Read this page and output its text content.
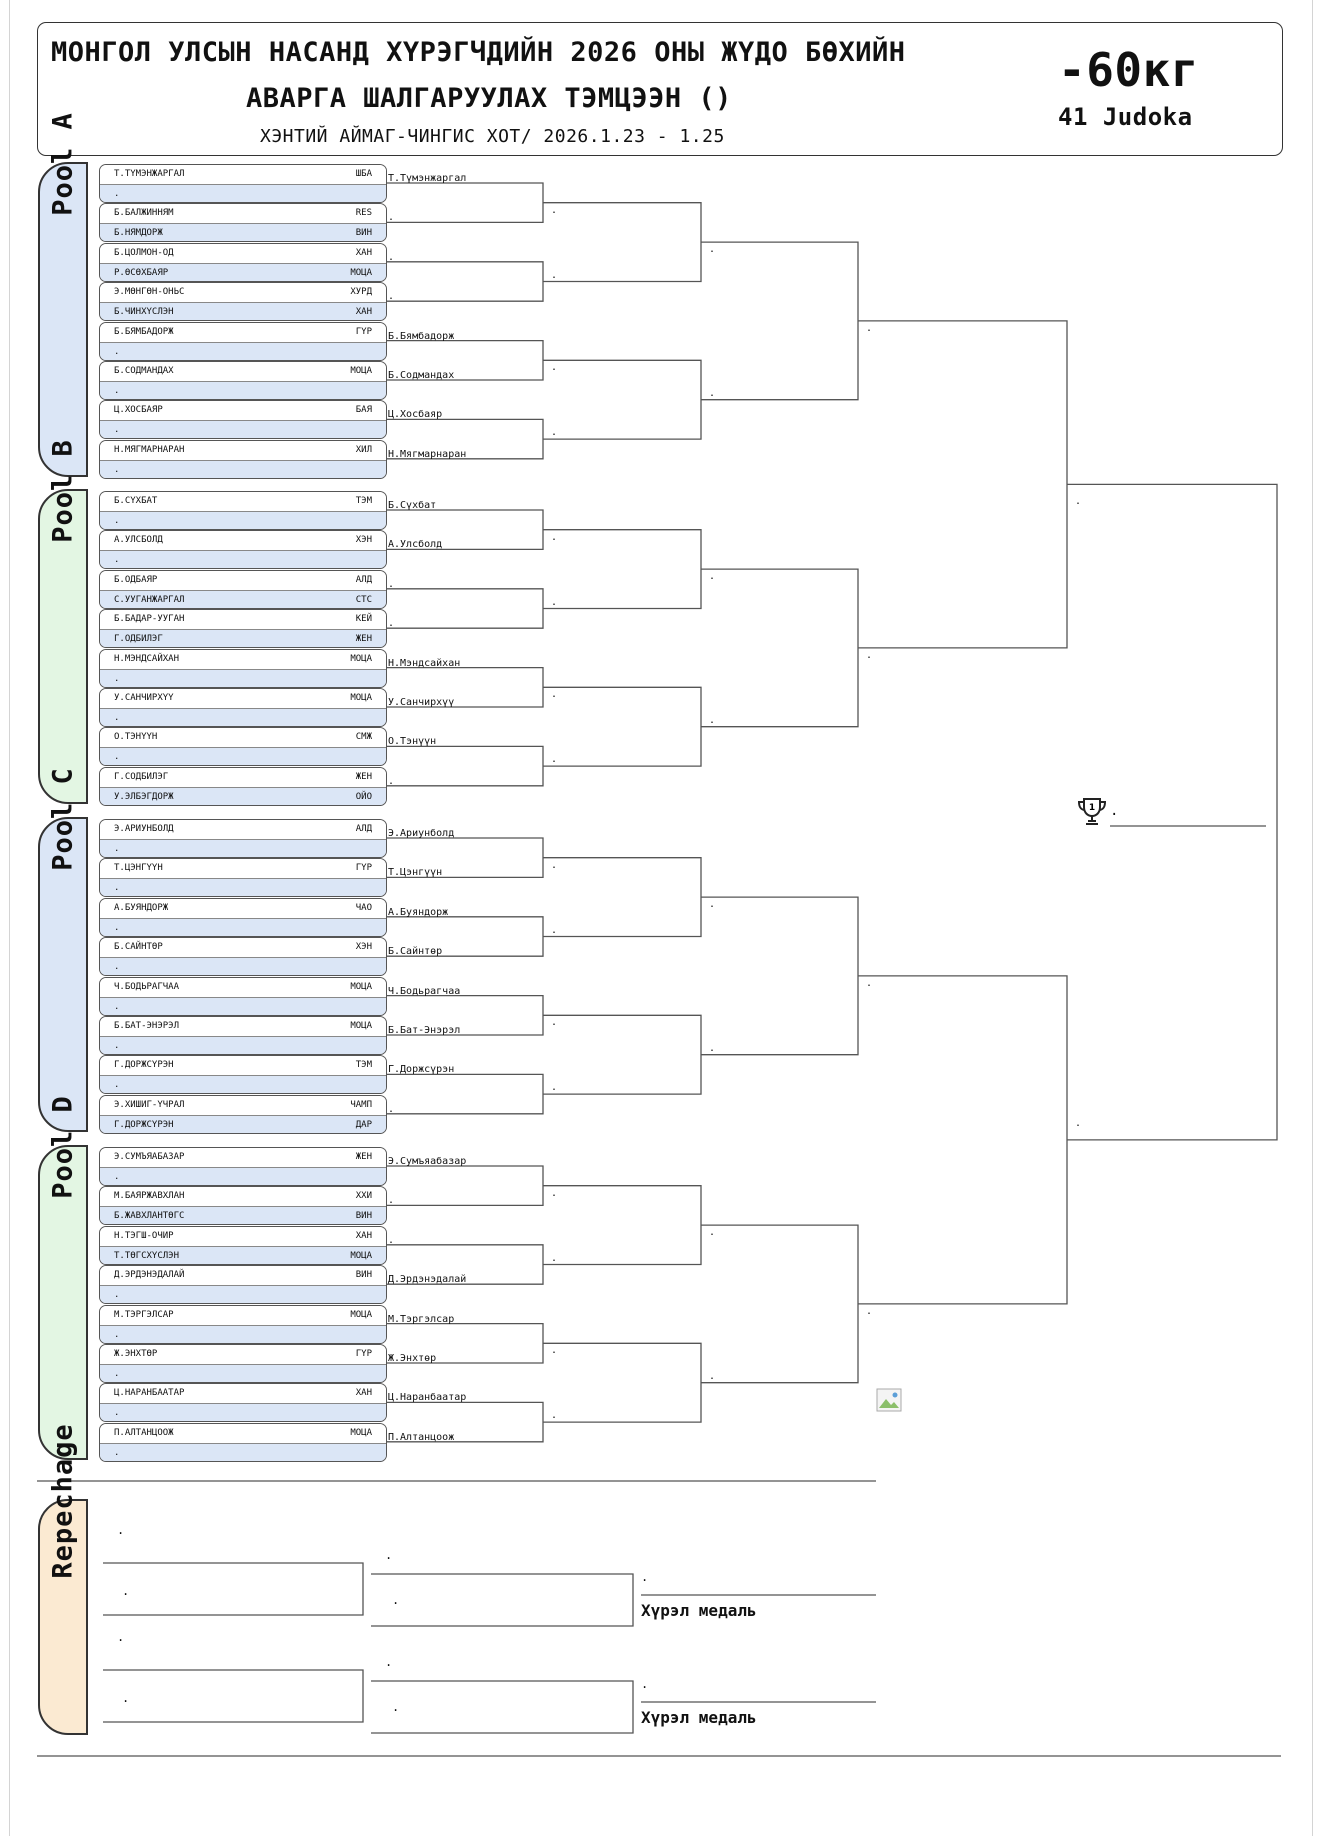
МОНГОЛ УЛСЫН НАСАНД ХҮРЭГЧДИЙН 2026 ОНЫ ЖҮДО БӨХИЙН
АВАРГА ШАЛГАРУУЛАХ ТЭМЦЭЭН ()
ХЭНТИЙ АЙМАГ-ЧИНГИС ХОТ/ 2026.1.23 - 1.25
-60кг
41 Judoka
Pool A	Т.ТҮМЭНЖАРГАЛ	ШБА
.
Б.БАЛЖИННЯМ	RES
Б.НЯМДОРЖ	ВИН
Б.ЦОЛМОН-ОД	ХАН
Р.ӨСӨХБАЯР	МОЦА
Э.МӨНГӨН-ОНЬС	ХУРД
Б.ЧИНХҮСЛЭН	ХАН
Б.БЯМБАДОРЖ	ГҮР
.
Б.СОДМАНДАХ	МОЦА
.
Ц.ХОСБАЯР	БАЯ
.
Н.МЯГМАРНАРАН	ХИЛ
.
Т.Түмэнжаргал
.
.
.
Б.Бямбадорж
Б.Содмандах
Ц.Хосбаяр
Н.Мягмарнаран
.
.
.
.
.
.
.
Pool B	Б.СҮХБАТ	ТЭМ
.
А.УЛСБОЛД	ХЭН
.
Б.ОДБАЯР	АЛД
С.УУГАНЖАРГАЛ	СТС
Б.БАДАР-УУГАН	КЕЙ
Г.ОДБИЛЭГ	ЖЕН
Н.МЭНДСАЙХАН	МОЦА
.
У.САНЧИРХҮҮ	МОЦА
.
О.ТЭНҮҮН	СМЖ
.
Г.СОДБИЛЭГ	ЖЕН
У.ЭЛБЭГДОРЖ	ОЙО
Б.Сүхбат
А.Улсболд
.
.
Н.Мэндсайхан
У.Санчирхүү
О.Тэнүүн
.
.
.
.
.
.
.
.
Pool C	Э.АРИУНБОЛД	АЛД
.
Т.ЦЭНГҮҮН	ГҮР
.
А.БУЯНДОРЖ	ЧАО
.
Б.САЙНТӨР	ХЭН
.
Ч.БОДЬРАГЧАА	МОЦА
.
Б.БАТ-ЭНЭРЭЛ	МОЦА
.
Г.ДОРЖСҮРЭН	ТЭМ
.
Э.ХИШИГ-ҮЧРАЛ	ЧАМП
Г.ДОРЖСҮРЭН	ДАР
Э.Ариунболд
Т.Цэнгүүн
А.Буяндорж
Б.Сайнтөр
Ч.Бодьрагчаа
Б.Бат-Энэрэл
Г.Доржсүрэн
.
.
.
.
.
.
.
.
Pool D	Э.СУМЪЯАБАЗАР	ЖЕН
.
М.БАЯРЖАВХЛАН	ХХИ
Б.ЖАВХЛАНТӨГС	ВИН
Н.ТЭГШ-ОЧИР	ХАН
Т.ТӨГСХҮСЛЭН	МОЦА
Д.ЭРДЭНЭДАЛАЙ	ВИН
.
М.ТЭРГЭЛСАР	МОЦА
.
Ж.ЭНХТӨР	ГҮР
.
Ц.НАРАНБААТАР	ХАН
.
П.АЛТАНЦООЖ	МОЦА
.
Э.Сумъяабазар
.
.
Д.Эрдэнэдалай
М.Тэргэлсар
Ж.Энхтөр
Ц.Наранбаатар
П.Алтанцоож
.
.
.
.
.
.
.
.
.
1 .
Repechage	.
.
.
.
.
Хүрэл медаль
.
.
.
.
.
Хүрэл медаль
